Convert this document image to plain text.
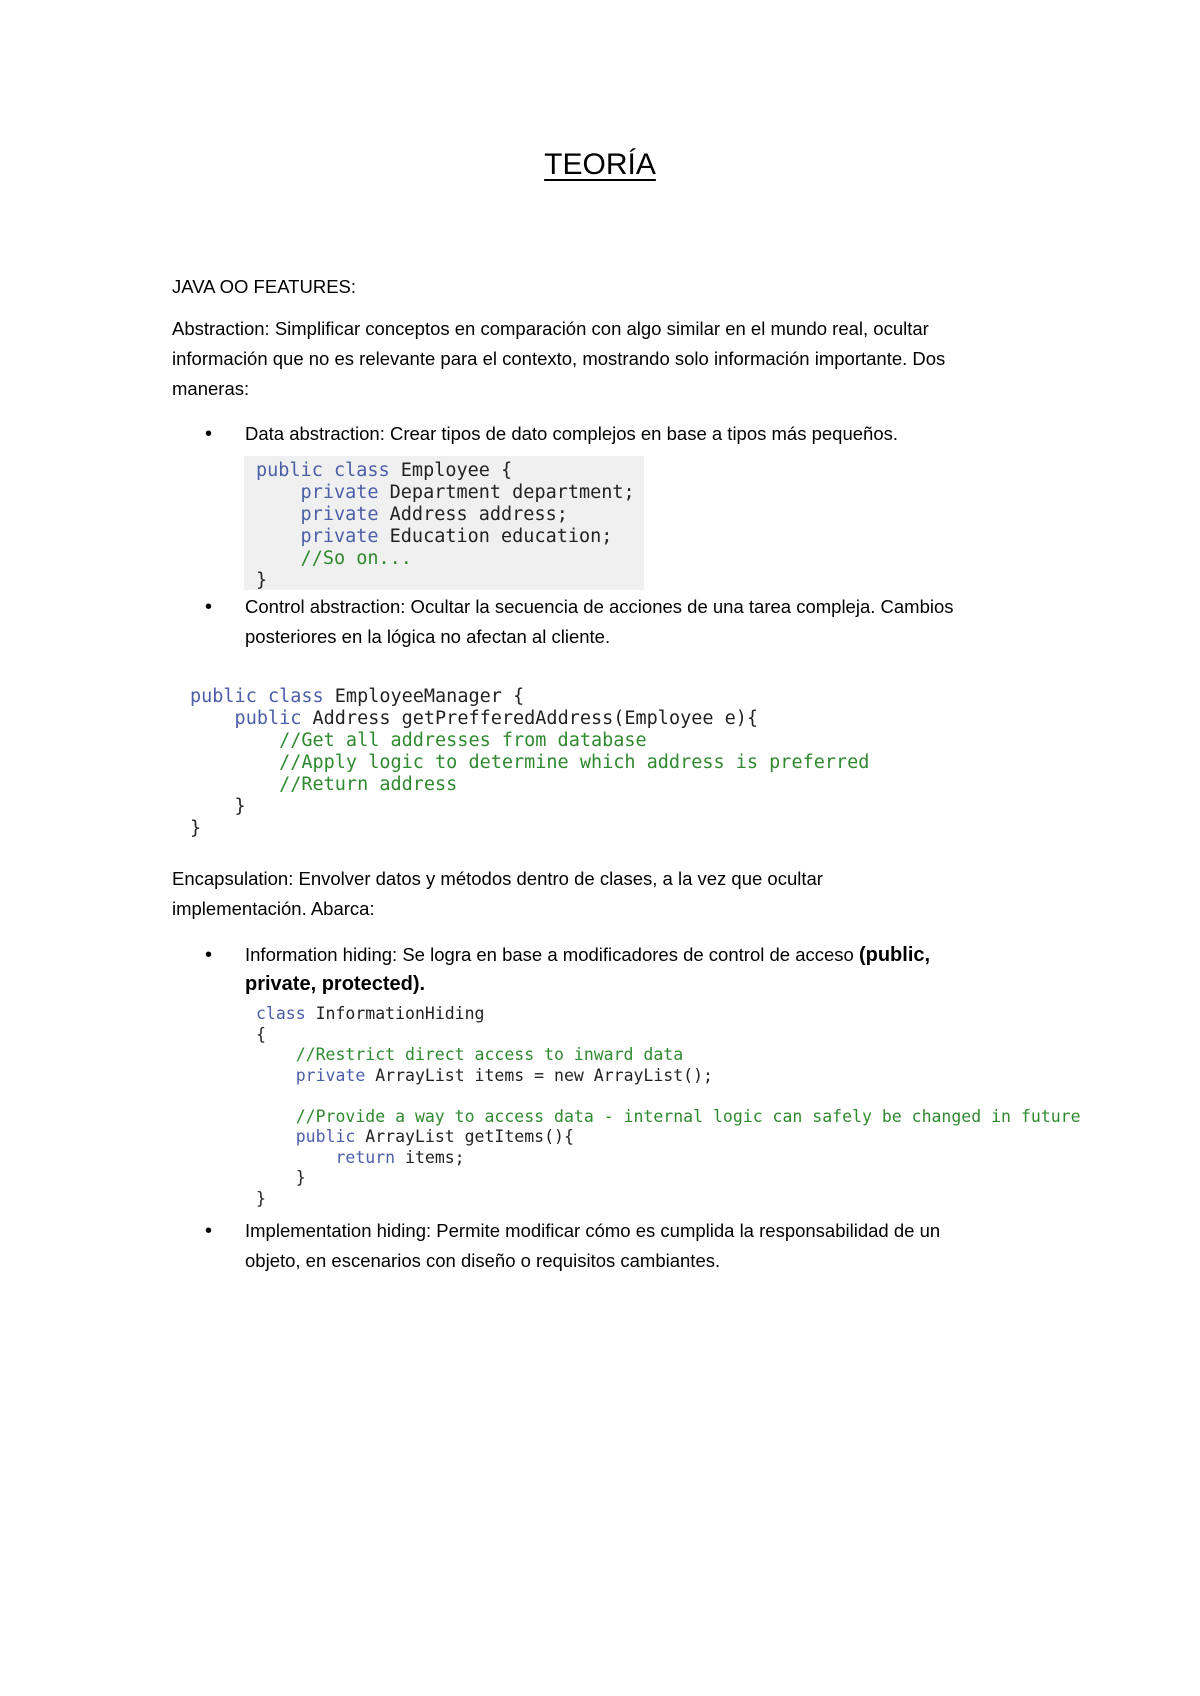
TEORÍA
JAVA OO FEATURES:
Abstraction: Simplificar conceptos en comparación con algo similar en el mundo real, ocultar
información que no es relevante para el contexto, mostrando solo información importante. Dos
maneras:
• Data abstraction: Crear tipos de dato complejos en base a tipos más pequeños.
public class Employee {
private Department department;
private Address address;
private Education education;
//So on...
}
• Control abstraction: Ocultar la secuencia de acciones de una tarea compleja. Cambios
posteriores en la lógica no afectan al cliente.
public class EmployeeManager {
public Address getPrefferedAddress(Employee e){
//Get all addresses from database
//Apply logic to determine which address is preferred
//Return address
}
}
Encapsulation: Envolver datos y métodos dentro de clases, a la vez que ocultar
implementación. Abarca:
• Information hiding: Se logra en base a modificadores de control de acceso (public,
private, protected).
class InformationHiding
{
//Restrict direct access to inward data
private ArrayList items = new ArrayList();

//Provide a way to access data - internal logic can safely be changed in future
public ArrayList getItems(){
return items;
}
}
• Implementation hiding: Permite modificar cómo es cumplida la responsabilidad de un
objeto, en escenarios con diseño o requisitos cambiantes.
